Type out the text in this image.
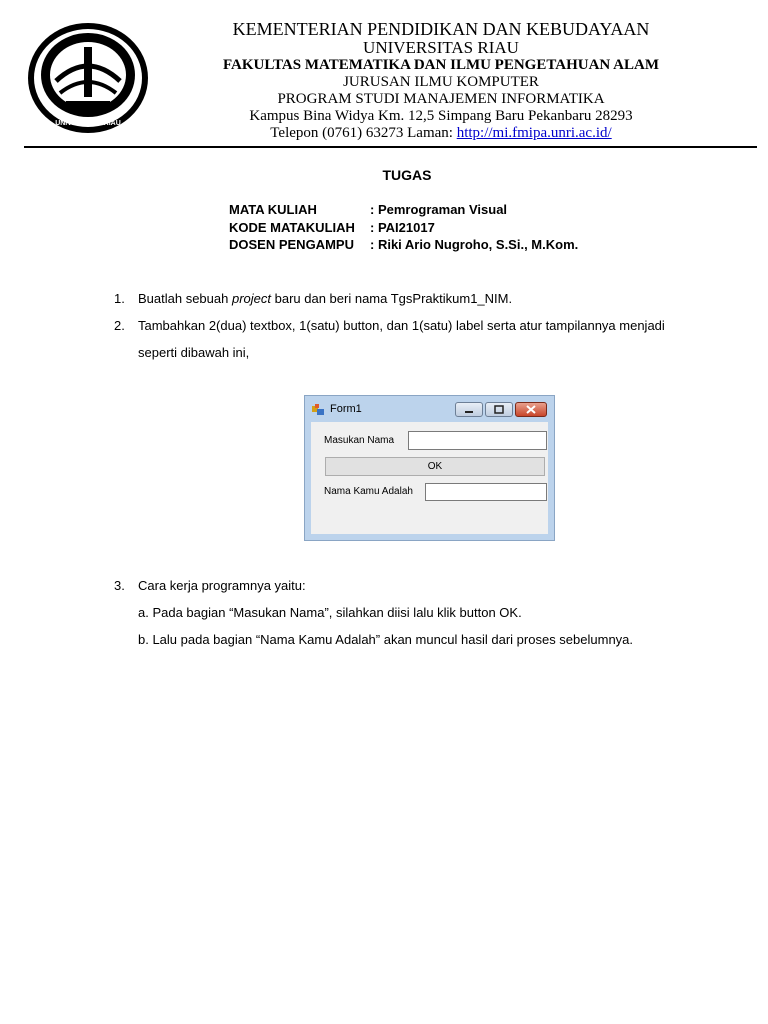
UNIVERSITAS RIAU
KEMENTERIAN PENDIDIKAN DAN KEBUDAYAAN
UNIVERSITAS RIAU
FAKULTAS MATEMATIKA DAN ILMU PENGETAHUAN ALAM
JURUSAN ILMU KOMPUTER
PROGRAM STUDI MANAJEMEN INFORMATIKA
Kampus Bina Widya Km. 12,5 Simpang Baru Pekanbaru 28293
Telepon (0761) 63273 Laman: http://mi.fmipa.unri.ac.id/
TUGAS
MATA KULIAH	: Pemrograman Visual
KODE MATAKULIAH : PAI21017
DOSEN PENGAMPU : Riki Ario Nugroho, S.Si., M.Kom.
1. Buatlah sebuah project baru dan beri nama TgsPraktikum1_NIM.
2. Tambahkan 2(dua) textbox, 1(satu) button, dan 1(satu) label serta atur tampilannya menjadi
seperti dibawah ini,
Form1
Masukan Nama
OK
Nama Kamu Adalah
3. Cara kerja programnya yaitu:
a. Pada bagian “Masukan Nama”, silahkan diisi lalu klik button OK.
b. Lalu pada bagian “Nama Kamu Adalah” akan muncul hasil dari proses sebelumnya.
